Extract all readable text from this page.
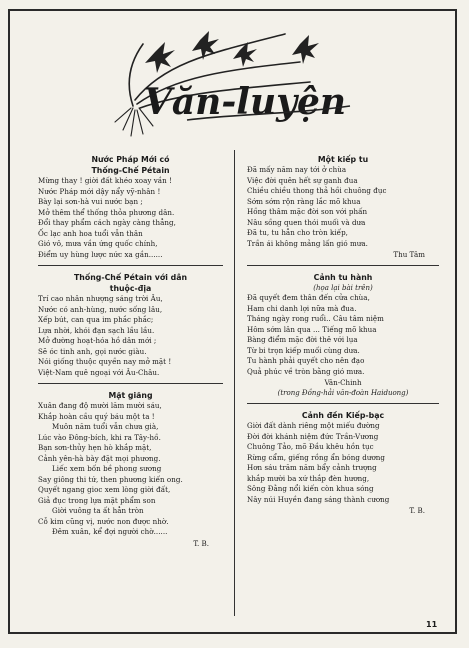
Văn-luyện
Nước Pháp Mới có
Thống-Chế Pétain
Mừng thay ! giời đất khéo xoay vần !
Nước Pháp mới dậy nẩy vỹ-nhân !
Bày lại sơn-hà vui nước bạn ;
Mở thêm thể thống thỏa phương dân.
Đổi thay phẩm cách ngày càng thẳng,
Ốc lạc anh hoa tuổi vẫn thân
Gió vô, mưa vần ứng quốc chính,
Điểm uy hùng lược nức xa gần......
Thống-Chế Pétain với dân
thuộc-địa
Trí cao nhân nhượng sáng trời Âu,
Nước có anh-hùng, nước sống lâu,
Xếp bút, can qua im phắc phắc;
Lựa nhời, khói đạn sạch lầu lầu.
Mở đường hoạt-hóa hồ dân mới ;
Sẽ óc tinh anh, gọi nước giàu.
Nói giống thuộc quyền nay mở mặt !
Việt-Nam quê ngoại với Âu-Châu.
Mặt giăng
Xuân đang độ mười lăm mười sáu,
Khắp hoàn cầu quý báu một ta !
Muôn năm tuổi vẫn chưa già,
Lúc vào Đông-bích, khi ra Tây-hồ.
Bạn sơn-thủy hẹn hò khắp mặt,
Cảnh yên-hà bày đặt mọi phương.
Liếc xem bốn bề phong sương
Say giông thi tứ, then phương kiến ong.
Quyết ngang gioc xem lòng giời đất,
Giả đục trong lựa mặt phẩm son
Giời vuông ta ất hẳn tròn
Cỗ kim cũng vị, nước non được nhờ.
Đêm xuân, kể đợi người chờ......
T. B.
Một kiếp tu
Đã mấy năm nay tới ở chùa
Việc đời quên hết sự ganh đua
Chiều chiều thong thả hồi chuông đục
Sớm sớm rộn ràng lắc mõ khua
Hồng thâm mặc đời son với phấn
Nâu sồng quen thói muối và dưa
Đã tu, tu hẳn cho tròn kiếp,
Trần ái không mảng lấn gió mưa.
Thu Tâm
Cảnh tu hành
(họa lại bài trên)
Đã quyết đem thân đến cửa chùa,
Ham chi danh lợi nữa mà đua.
Tháng ngày rong ruổi.. Câu tâm niệm
Hôm sớm lân qua ... Tiếng mõ khua
Bàng điểm mặc đời thê với lụa
Từ bi trọn kiếp muối cùng dưa.
Tu hành phải quyết cho nên đạo
Quả phúc về tròn bằng gió mưa.
Vân-Chinh
(trong Đồng-hải văn-đoàn Haiduong)
Cảnh đền Kiếp-bạc
Giời đất dành riêng một miếu đường
Đời đời khánh niệm đức Trần-Vương
Chuông Tảo, mõ Đầu khêu hồn tục
Rừng cẩm, giếng rồng ẩn bóng dương
Hơn sáu trăm năm bẩy cảnh trượng
khắp mười ba xứ thắp đèn hương,
Sông Đằng nổi kiến còn khua sóng
Nây núi Huyền đang sáng thành cương
T. B.
11
